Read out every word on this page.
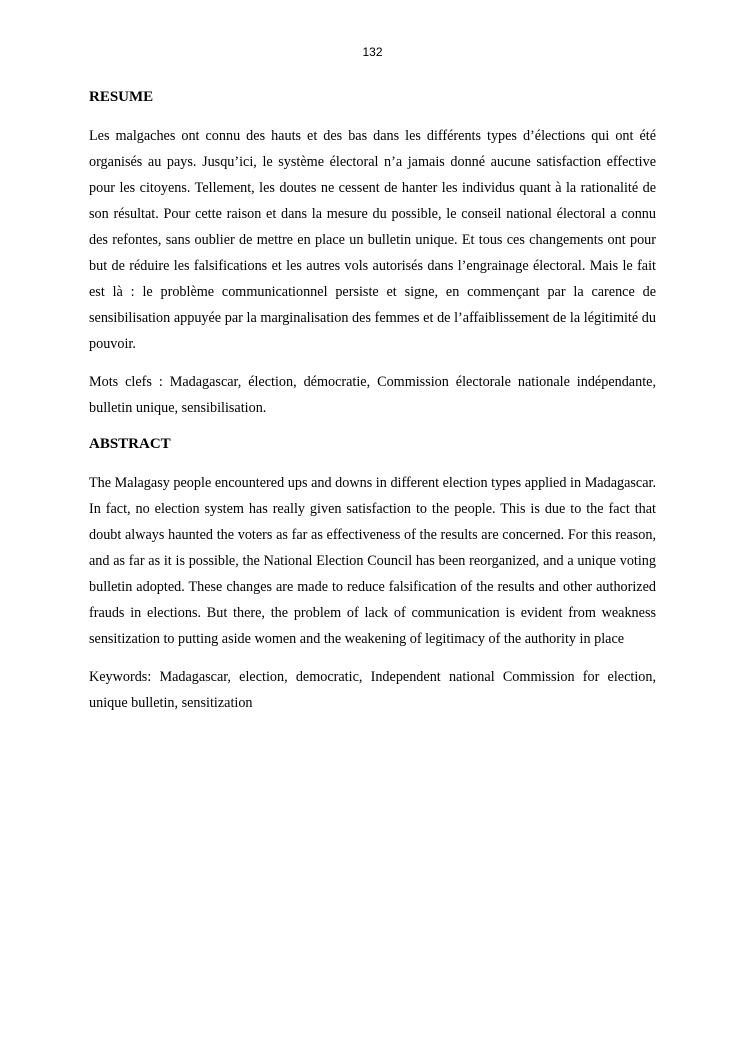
132
RESUME

Les malgaches ont connu des hauts et des bas dans les différents types d’élections qui ont été organisés au pays. Jusqu’ici, le système électoral n’a jamais donné aucune satisfaction effective pour les citoyens. Tellement, les doutes ne cessent de hanter les individus quant à la rationalité de son résultat. Pour cette raison et dans la mesure du possible, le conseil national électoral a connu des refontes, sans oublier de mettre en place un bulletin unique. Et tous ces changements ont pour but de réduire les falsifications et les autres vols autorisés dans l’engrainage électoral. Mais le fait est là : le problème communicationnel persiste et signe, en commençant par la carence de sensibilisation appuyée par la marginalisation des femmes et de l’affaiblissement de la légitimité du pouvoir.

Mots clefs : Madagascar, élection, démocratie, Commission électorale nationale indépendante, bulletin unique, sensibilisation.

ABSTRACT

The Malagasy people encountered ups and downs in different election types applied in Madagascar. In fact, no election system has really given satisfaction to the people. This is due to the fact that doubt always haunted the voters as far as effectiveness of the results are concerned. For this reason, and as far as it is possible, the National Election Council has been reorganized, and a unique voting bulletin adopted. These changes are made to reduce falsification of the results and other authorized frauds in elections. But there, the problem of lack of communication is evident from weakness sensitization to putting aside women and the weakening of legitimacy of the authority in place

Keywords: Madagascar, election, democratic, Independent national Commission for election, unique bulletin, sensitization
